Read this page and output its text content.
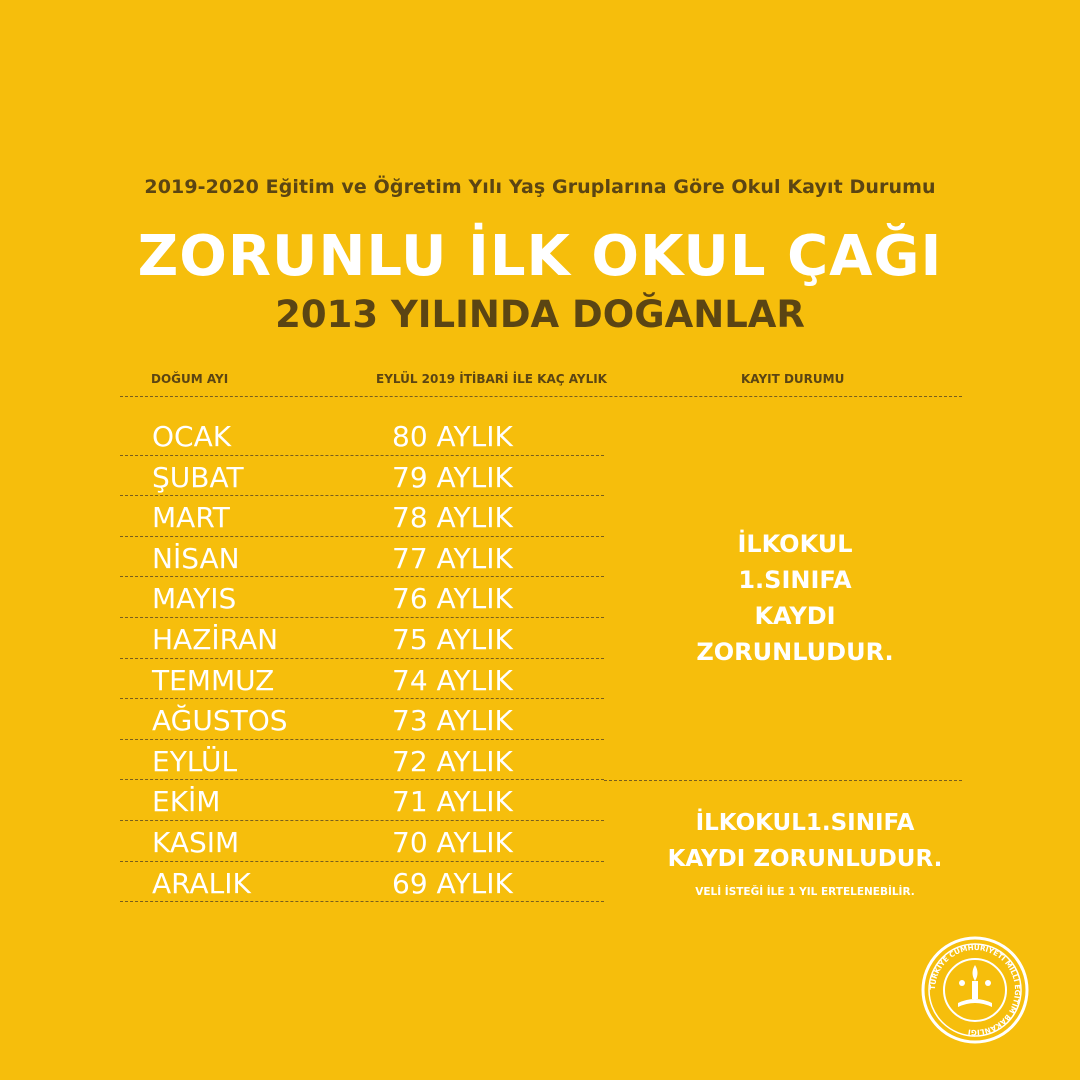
2019-2020 Eğitim ve Öğretim Yılı Yaş Gruplarına Göre Okul Kayıt Durumu
ZORUNLU İLK OKUL ÇAĞI
2013 YILINDA DOĞANLAR
DOĞUM AYI	EYLÜL 2019 İTİBARİ İLE KAÇ AYLIK	KAYIT DURUMU
OCAK	80 AYLIK
ŞUBAT	79 AYLIK
MART	78 AYLIK
NİSAN	77 AYLIK
MAYIS	76 AYLIK
HAZİRAN	75 AYLIK
TEMMUZ	74 AYLIK
AĞUSTOS	73 AYLIK
EYLÜL	72 AYLIK
EKİM	71 AYLIK
KASIM	70 AYLIK
ARALIK	69 AYLIK
İLKOKUL
1.SINIFA
KAYDI
ZORUNLUDUR.
İLKOKUL1.SINIFA
KAYDI ZORUNLUDUR.
VELİ İSTEĞİ İLE 1 YIL ERTELENEBİLİR.
TÜRKİYE CUMHURİYETİ MİLLİ EĞİTİM BAKANLIĞI
